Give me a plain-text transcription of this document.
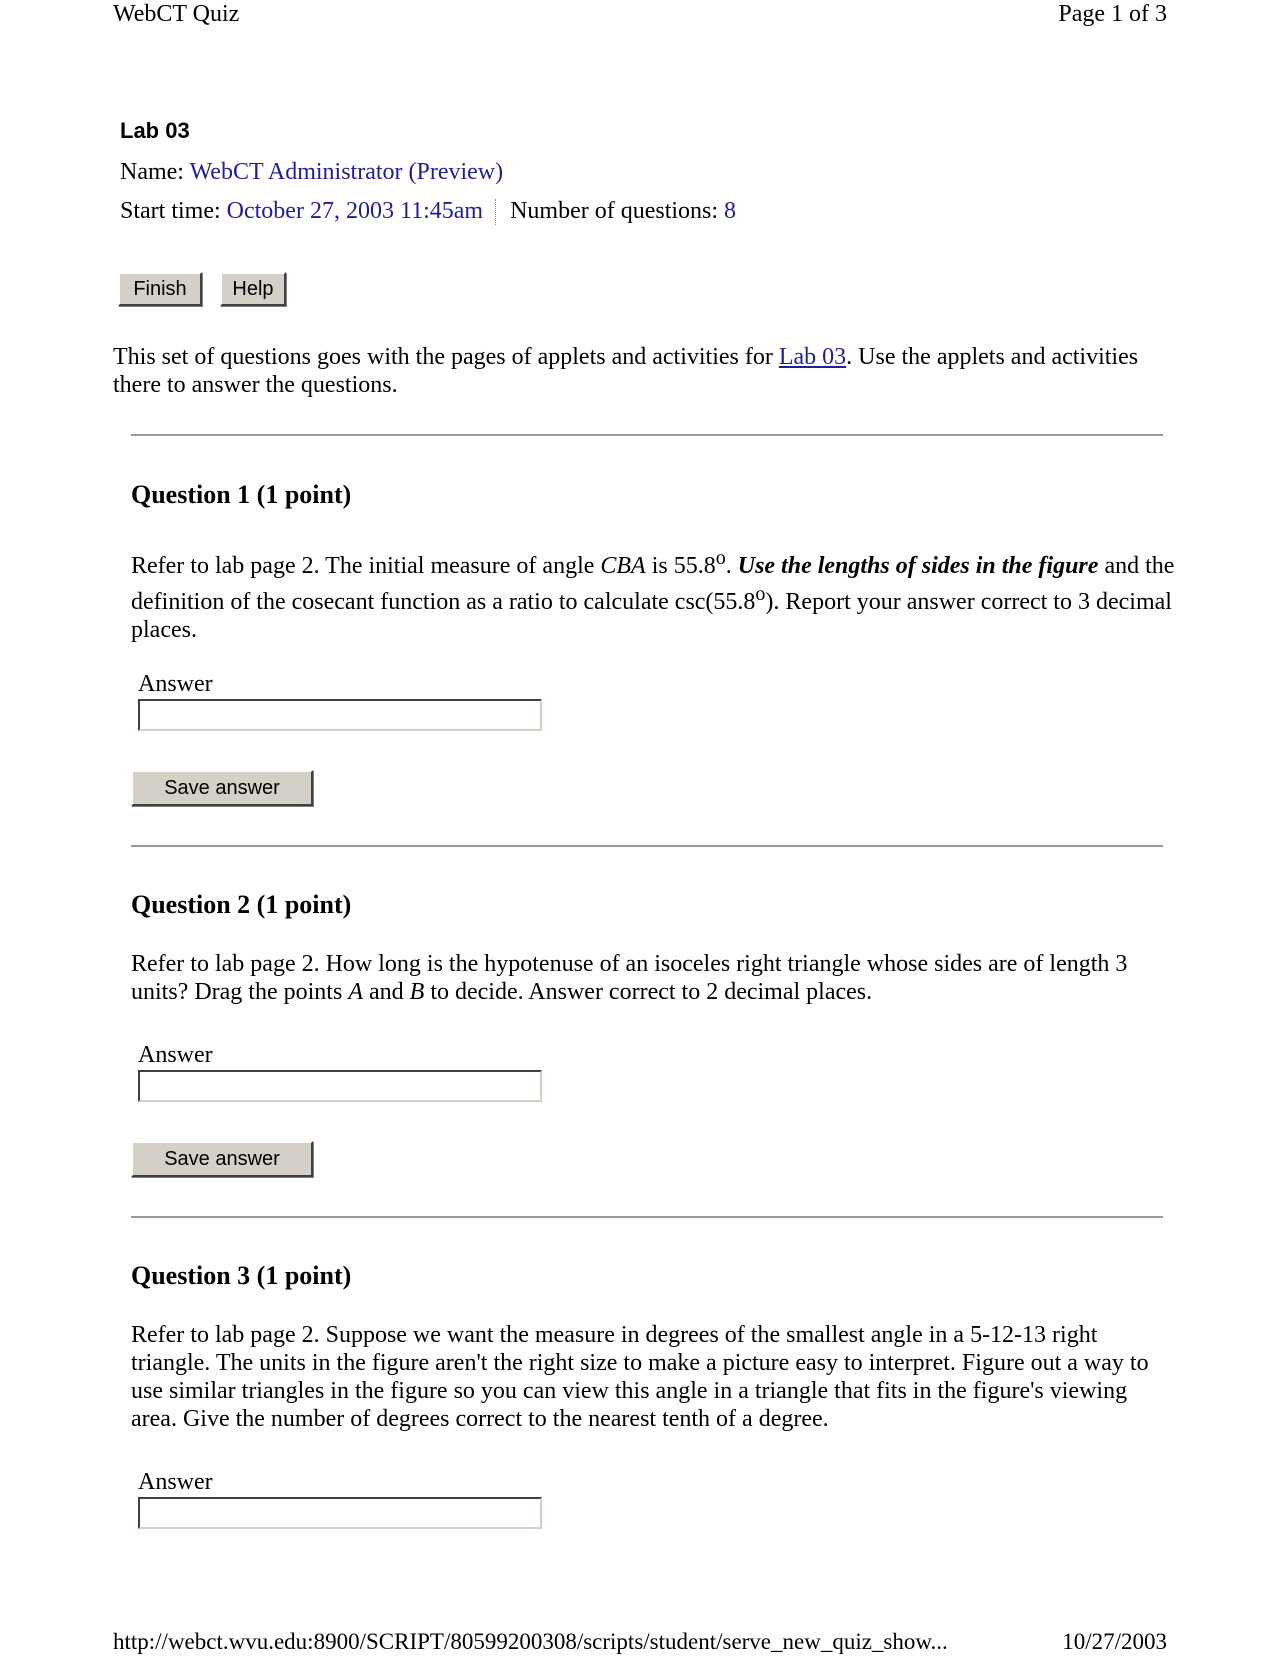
WebCT Quiz	Page 1 of 3
Lab 03
Name: WebCT Administrator (Preview)
Start time: October 27, 2003 11:45am Number of questions: 8
Finish	Help

This set of questions goes with the pages of applets and activities for Lab 03. Use the applets and activities there to answer the questions.

Question 1 (1 point)

Refer to lab page 2. The initial measure of angle CBA is 55.8$^o$. Use the lengths of sides in the figure and the definition of the cosecant function as a ratio to calculate csc(55.8$^o$). Report your answer correct to 3 decimal places.

Answer
Save answer
Question 2 (1 point)

Refer to lab page 2. How long is the hypotenuse of an isoceles right triangle whose sides are of length 3 units? Drag the points A and B to decide. Answer correct to 2 decimal places.

Answer
Save answer
Question 3 (1 point)

Refer to lab page 2. Suppose we want the measure in degrees of the smallest angle in a 5-12-13 right triangle. The units in the figure aren't the right size to make a picture easy to interpret. Figure out a way to use similar triangles in the figure so you can view this angle in a triangle that fits in the figure's viewing area. Give the number of degrees correct to the nearest tenth of a degree.

Answer
http://webct.wvu.edu:8900/SCRIPT/80599200308/scripts/student/serve_new_quiz_show...	10/27/2003
